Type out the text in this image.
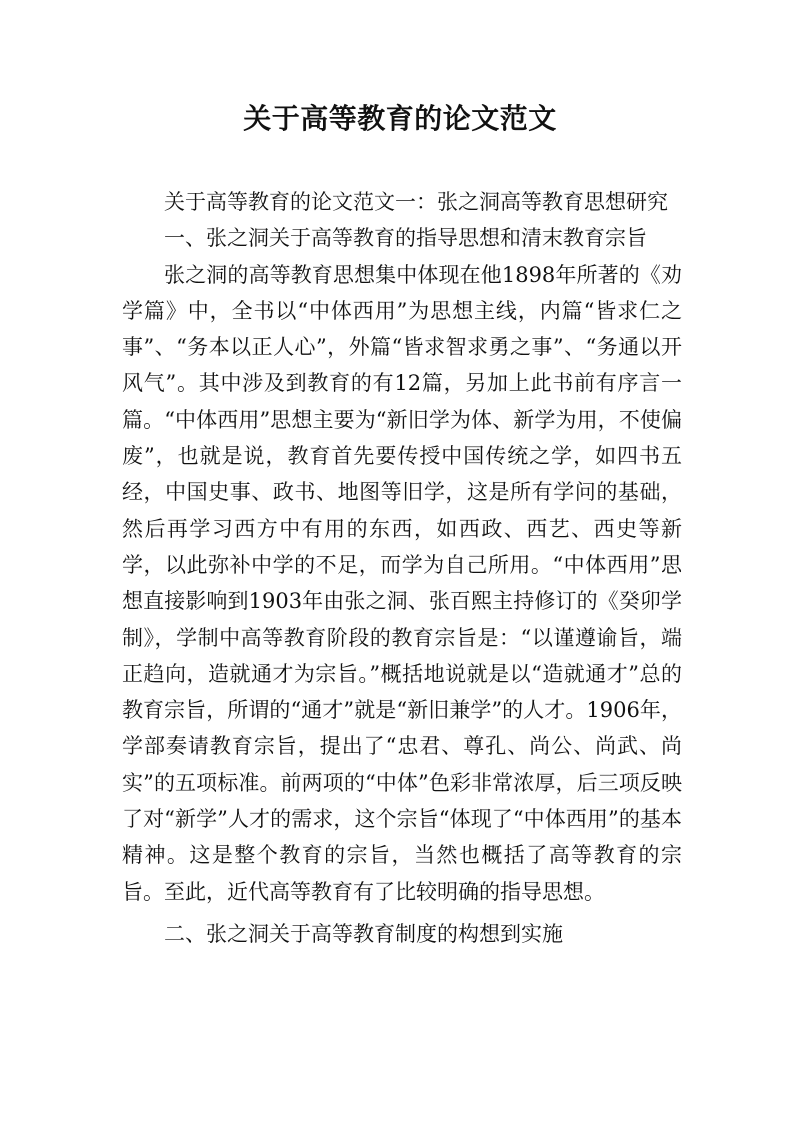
关于高等教育的论文范文

关于高等教育的论文范文一：张之洞高等教育思想研究

一、张之洞关于高等教育的指导思想和清末教育宗旨

张之洞的高等教育思想集中体现在他1898年所著的《劝学篇》中，全书以“中体西用”为思想主线，内篇“皆求仁之事”、“务本以正人心”，外篇“皆求智求勇之事”、“务通以开风气”。其中涉及到教育的有12篇，另加上此书前有序言一篇。“中体西用”思想主要为“新旧学为体、新学为用，不使偏废”，也就是说，教育首先要传授中国传统之学，如四书五经，中国史事、政书、地图等旧学，这是所有学问的基础，然后再学习西方中有用的东西，如西政、西艺、西史等新学，以此弥补中学的不足，而学为自己所用。“中体西用”思想直接影响到1903年由张之洞、张百熙主持修订的《癸卯学制》，学制中高等教育阶段的教育宗旨是：“以谨遵谕旨，端正趋向，造就通才为宗旨。”概括地说就是以“造就通才”总的教育宗旨，所谓的“通才”就是“新旧兼学”的人才。1906年，学部奏请教育宗旨，提出了“忠君、尊孔、尚公、尚武、尚实”的五项标准。前两项的“中体”色彩非常浓厚，后三项反映了对“新学”人才的需求，这个宗旨“体现了“中体西用”的基本精神。这是整个教育的宗旨，当然也概括了高等教育的宗旨。至此，近代高等教育有了比较明确的指导思想。

二、张之洞关于高等教育制度的构想到实施
